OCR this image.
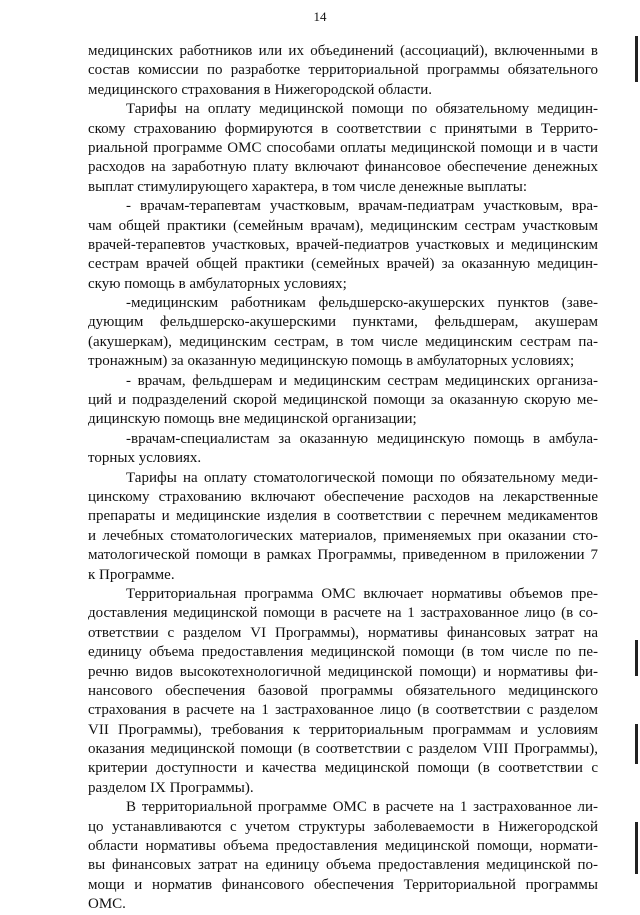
14
медицинских работников или их объединений (ассоциаций), включенными в
состав комиссии по разработке территориальной программы обязательного
медицинского страхования в Нижегородской области.
Тарифы на оплату медицинской помощи по обязательному медицин-
скому страхованию формируются в соответствии с принятыми в Террито-
риальной программе ОМС способами оплаты медицинской помощи и в части
расходов на заработную плату включают финансовое обеспечение денежных
выплат стимулирующего характера, в том числе денежные выплаты:
- врачам-терапевтам участковым, врачам-педиатрам участковым, вра-
чам общей практики (семейным врачам), медицинским сестрам участковым
врачей-терапевтов участковых, врачей-педиатров участковых и медицинским
сестрам врачей общей практики (семейных врачей) за оказанную медицин-
скую помощь в амбулаторных условиях;
-медицинским работникам фельдшерско-акушерских пунктов (заве-
дующим фельдшерско-акушерскими пунктами, фельдшерам, акушерам
(акушеркам), медицинским сестрам, в том числе медицинским сестрам па-
тронажным) за оказанную медицинскую помощь в амбулаторных условиях;
- врачам, фельдшерам и медицинским сестрам медицинских организа-
ций и подразделений скорой медицинской помощи за оказанную скорую ме-
дицинскую помощь вне медицинской организации;
-врачам-специалистам за оказанную медицинскую помощь в амбула-
торных условиях.
Тарифы на оплату стоматологической помощи по обязательному меди-
цинскому страхованию включают обеспечение расходов на лекарственные
препараты и медицинские изделия в соответствии с перечнем медикаментов
и лечебных стоматологических материалов, применяемых при оказании сто-
матологической помощи в рамках Программы, приведенном в приложении 7
к Программе.
Территориальная программа ОМС включает нормативы объемов пре-
доставления медицинской помощи в расчете на 1 застрахованное лицо (в со-
ответствии с разделом VI Программы), нормативы финансовых затрат на
единицу объема предоставления медицинской помощи (в том числе по пе-
речню видов высокотехнологичной медицинской помощи) и нормативы фи-
нансового обеспечения базовой программы обязательного медицинского
страхования в расчете на 1 застрахованное лицо (в соответствии с разделом
VII Программы), требования к территориальным программам и условиям
оказания медицинской помощи (в соответствии с разделом VIII Программы),
критерии доступности и качества медицинской помощи (в соответствии с
разделом IX Программы).
В территориальной программе ОМС в расчете на 1 застрахованное ли-
цо устанавливаются с учетом структуры заболеваемости в Нижегородской
области нормативы объема предоставления медицинской помощи, нормати-
вы финансовых затрат на единицу объема предоставления медицинской по-
мощи и норматив финансового обеспечения Территориальной программы
ОМС.
